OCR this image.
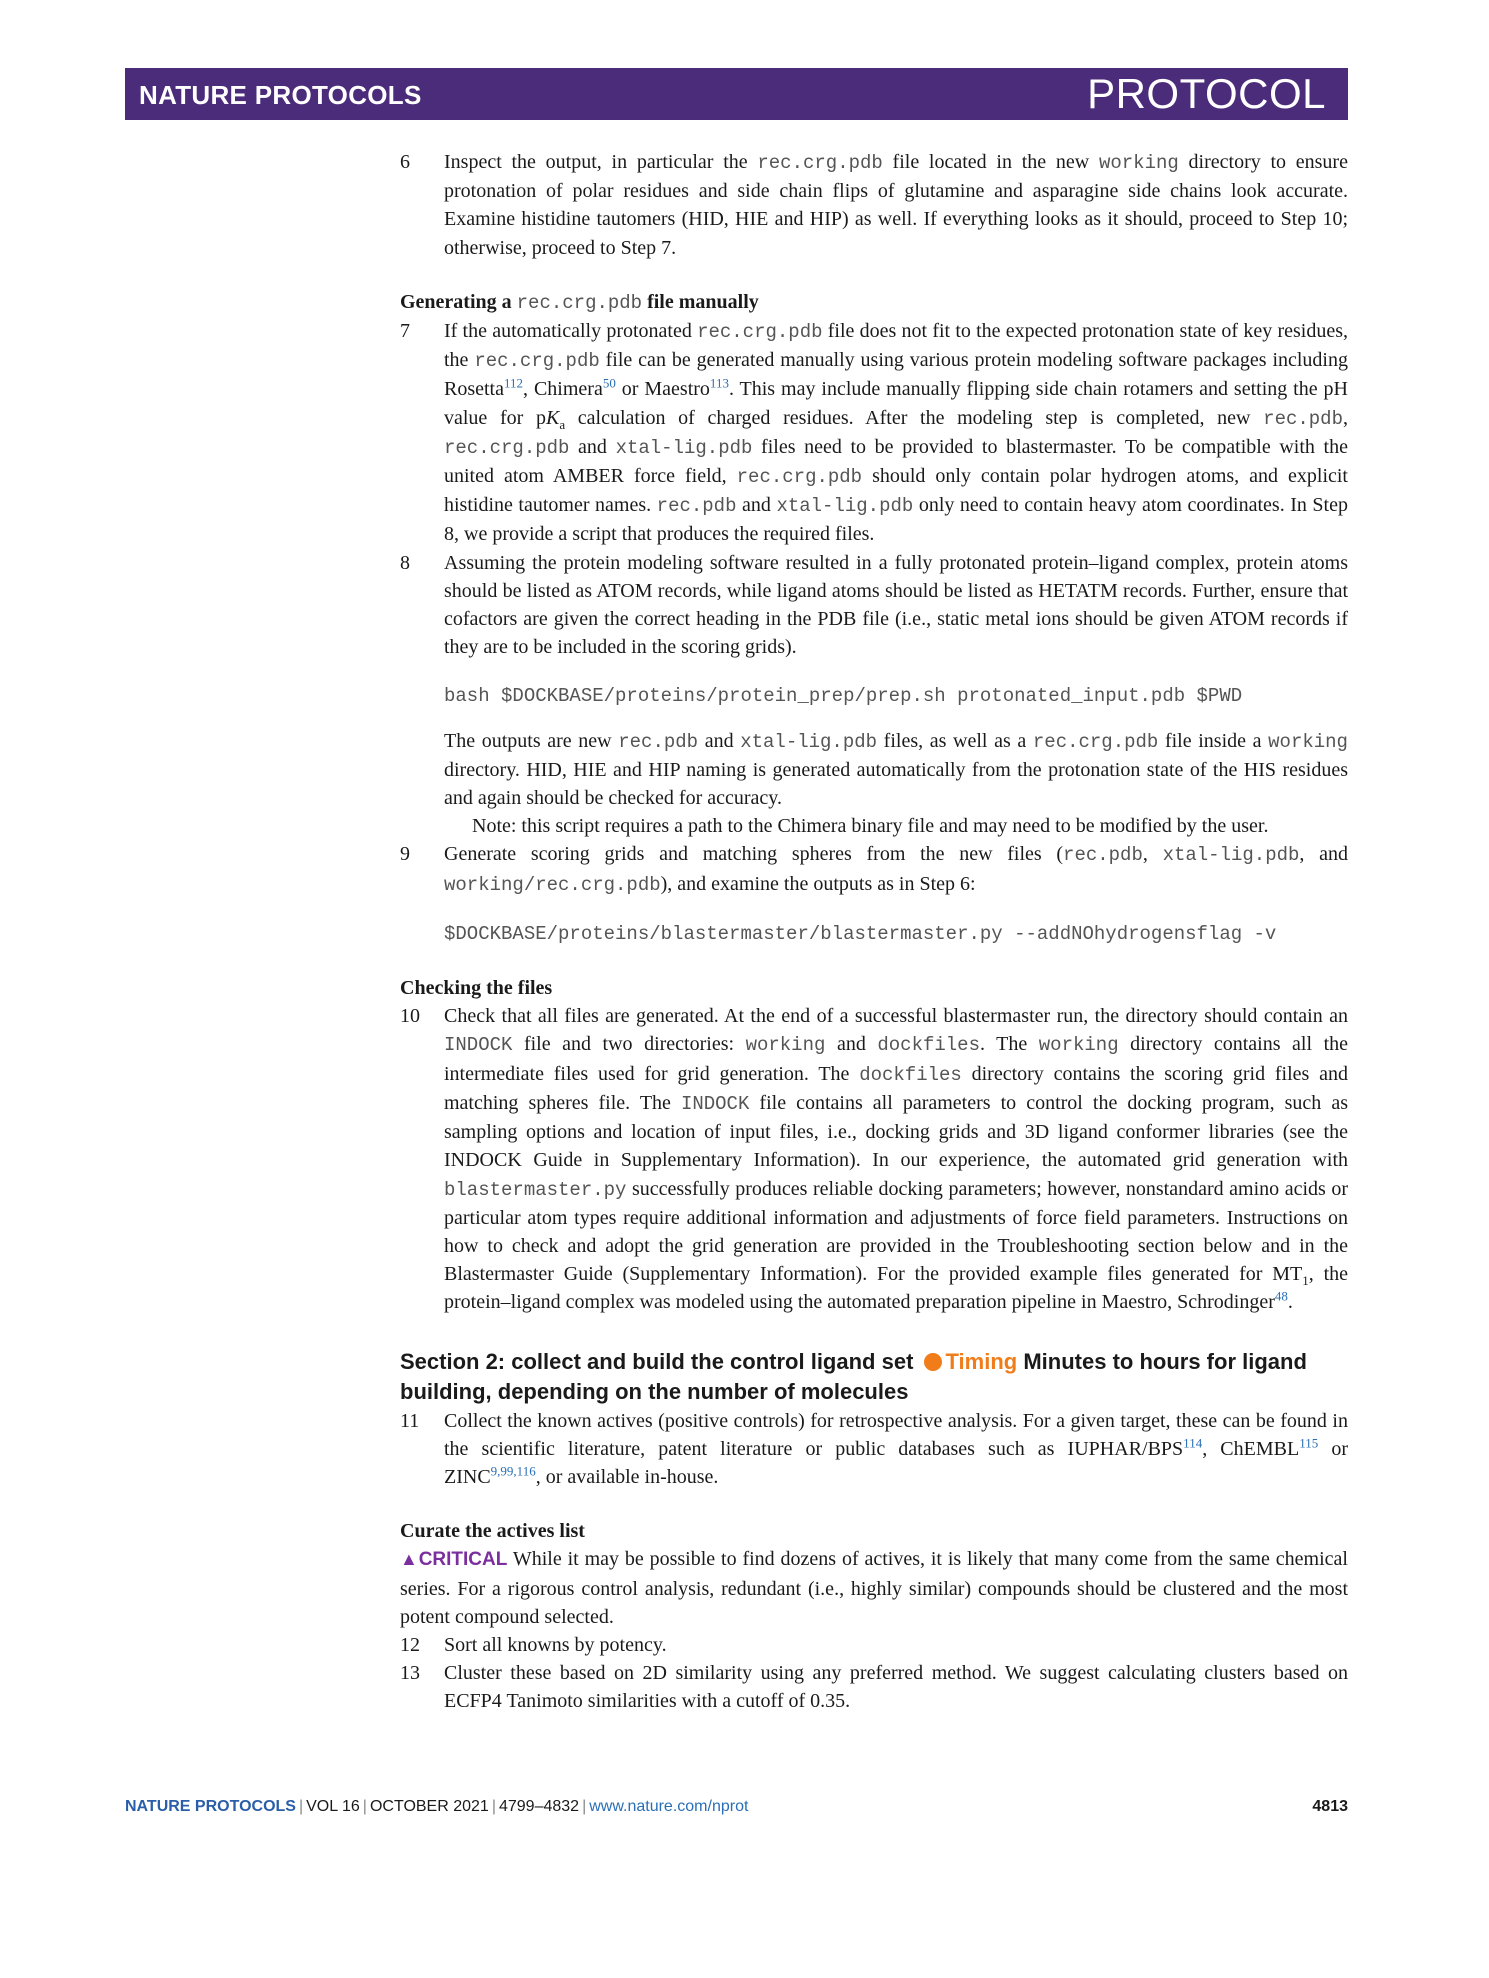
NATURE PROTOCOLS	PROTOCOL

6 Inspect the output, in particular the rec.crg.pdb file located in the new working directory to ensure protonation of polar residues and side chain flips of glutamine and asparagine side chains look accurate. Examine histidine tautomers (HID, HIE and HIP) as well. If everything looks as it should, proceed to Step 10; otherwise, proceed to Step 7.

Generating a rec.crg.pdb file manually

7 If the automatically protonated rec.crg.pdb file does not fit to the expected protonation state of key residues, the rec.crg.pdb file can be generated manually using various protein modeling software packages including Rosetta$^{112}$, Chimera$^{50}$ or Maestro$^{113}$. This may include manually flipping side chain rotamers and setting the pH value for $pK_a$ calculation of charged residues. After the modeling step is completed, new rec.pdb, rec.crg.pdb and xtal-lig.pdb files need to be provided to blastermaster. To be compatible with the united atom AMBER force field, rec.crg.pdb should only contain polar hydrogen atoms, and explicit histidine tautomer names. rec.pdb and xtal-lig.pdb only need to contain heavy atom coordinates. In Step 8, we provide a script that produces the required files.

8 Assuming the protein modeling software resulted in a fully protonated protein–ligand complex, protein atoms should be listed as ATOM records, while ligand atoms should be listed as HETATM records. Further, ensure that cofactors are given the correct heading in the PDB file (i.e., static metal ions should be given ATOM records if they are to be included in the scoring grids).

bash $DOCKBASE/proteins/protein_prep/prep.sh protonated_input.pdb $PWD

The outputs are new rec.pdb and xtal-lig.pdb files, as well as a rec.crg.pdb file inside a working directory. HID, HIE and HIP naming is generated automatically from the protonation state of the HIS residues and again should be checked for accuracy.

Note: this script requires a path to the Chimera binary file and may need to be modified by the user.

9 Generate scoring grids and matching spheres from the new files (rec.pdb, xtal-lig.pdb, and working/rec.crg.pdb), and examine the outputs as in Step 6:

$DOCKBASE/proteins/blastermaster/blastermaster.py --addNOhydrogensflag -v

Checking the files

10 Check that all files are generated. At the end of a successful blastermaster run, the directory should contain an INDOCK file and two directories: working and dockfiles. The working directory contains all the intermediate files used for grid generation. The dockfiles directory contains the scoring grid files and matching spheres file. The INDOCK file contains all parameters to control the docking program, such as sampling options and location of input files, i.e., docking grids and 3D ligand conformer libraries (see the INDOCK Guide in Supplementary Information). In our experience, the automated grid generation with blastermaster.py successfully produces reliable docking parameters; however, nonstandard amino acids or particular atom types require additional information and adjustments of force field parameters. Instructions on how to check and adopt the grid generation are provided in the Troubleshooting section below and in the Blastermaster Guide (Supplementary Information). For the provided example files generated for $MT_1$, the protein–ligand complex was modeled using the automated preparation pipeline in Maestro, Schrodinger$^{48}$.

Section 2: collect and build the control ligand set Timing Minutes to hours for ligand building, depending on the number of molecules

11 Collect the known actives (positive controls) for retrospective analysis. For a given target, these can be found in the scientific literature, patent literature or public databases such as IUPHAR/BPS$^{114}$, ChEMBL$^{115}$ or ZINC$^{9,99,116}$, or available in-house.

Curate the actives list

▲CRITICAL While it may be possible to find dozens of actives, it is likely that many come from the same chemical series. For a rigorous control analysis, redundant (i.e., highly similar) compounds should be clustered and the most potent compound selected.

12 Sort all knowns by potency.

13 Cluster these based on 2D similarity using any preferred method. We suggest calculating clusters based on ECFP4 Tanimoto similarities with a cutoff of 0.35.

NATURE PROTOCOLS | VOL 16 | OCTOBER 2021 | 4799–4832 | www.nature.com/nprot	4813
